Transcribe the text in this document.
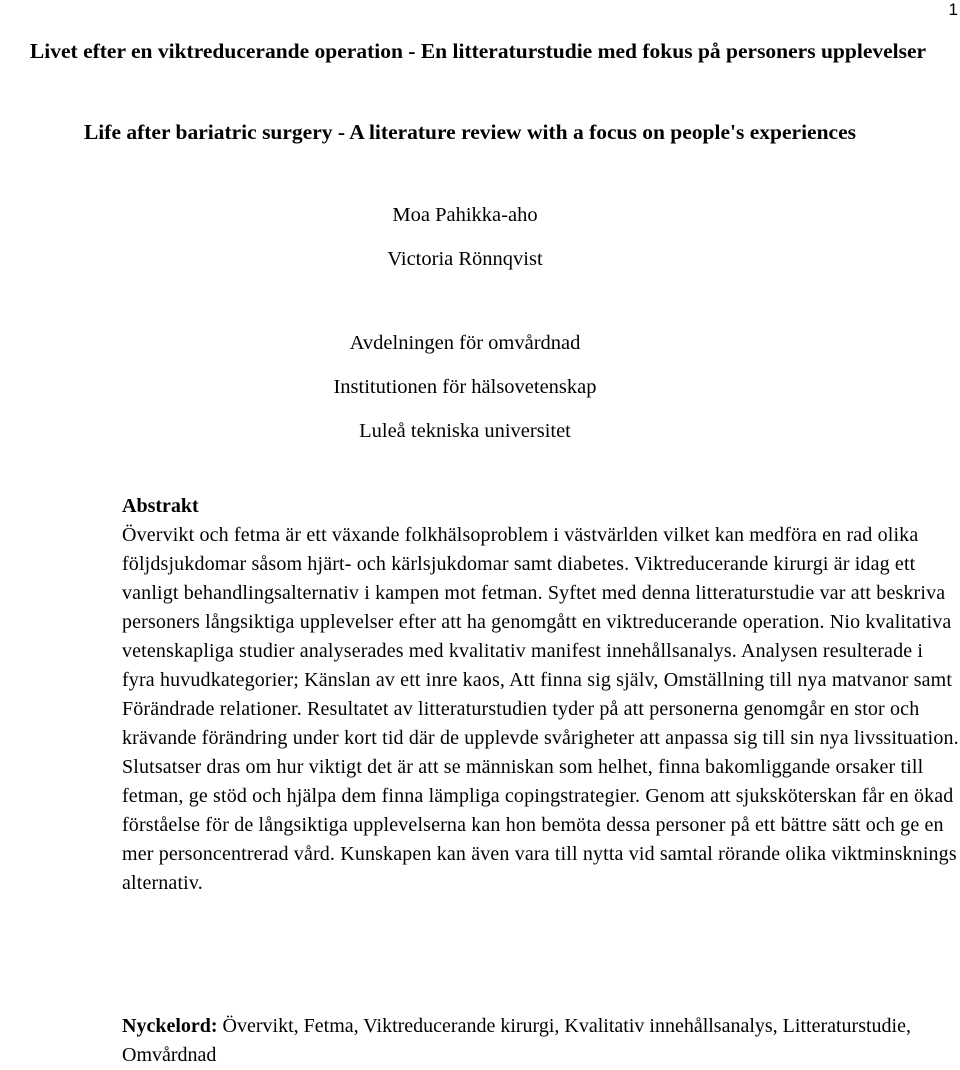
1
Livet efter en viktreducerande operation - En litteraturstudie med fokus på personers upplevelser
Life after bariatric surgery - A literature review with a focus on people's experiences
Moa Pahikka-aho
Victoria Rönnqvist
Avdelningen för omvårdnad
Institutionen för hälsovetenskap
Luleå tekniska universitet

Abstrakt

Övervikt och fetma är ett växande folkhälsoproblem i västvärlden vilket kan medföra en rad olika följdsjukdomar såsom hjärt- och kärlsjukdomar samt diabetes. Viktreducerande kirurgi är idag ett vanligt behandlingsalternativ i kampen mot fetman. Syftet med denna litteraturstudie var att beskriva personers långsiktiga upplevelser efter att ha genomgått en viktreducerande operation. Nio kvalitativa vetenskapliga studier analyserades med kvalitativ manifest innehållsanalys. Analysen resulterade i fyra huvudkategorier; Känslan av ett inre kaos, Att finna sig själv, Omställning till nya matvanor samt Förändrade relationer. Resultatet av litteraturstudien tyder på att personerna genomgår en stor och krävande förändring under kort tid där de upplevde svårigheter att anpassa sig till sin nya livssituation. Slutsatser dras om hur viktigt det är att se människan som helhet, finna bakomliggande orsaker till fetman, ge stöd och hjälpa dem finna lämpliga copingstrategier. Genom att sjuksköterskan får en ökad förståelse för de långsiktiga upplevelserna kan hon bemöta dessa personer på ett bättre sätt och ge en mer personcentrerad vård. Kunskapen kan även vara till nytta vid samtal rörande olika viktminsknings alternativ.

Nyckelord: Övervikt, Fetma, Viktreducerande kirurgi, Kvalitativ innehållsanalys, Litteraturstudie, Omvårdnad
